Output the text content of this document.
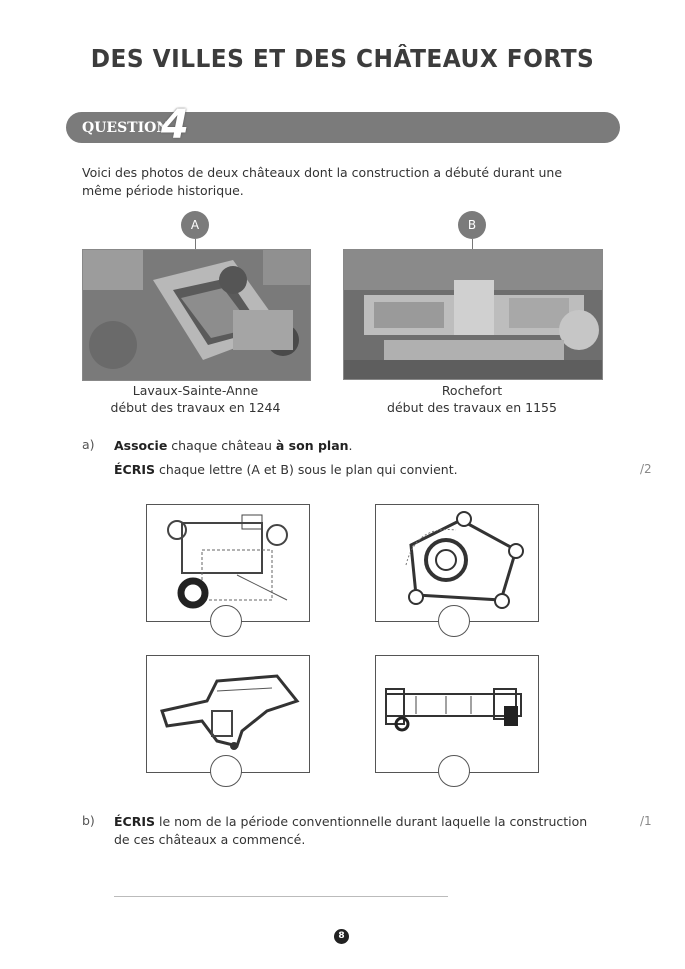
DES VILLES ET DES CHÂTEAUX FORTS
QUESTION
4
Voici des photos de deux châteaux dont la construction a débuté durant une même période historique.
A	B
Lavaux-Sainte-Anne
début des travaux en 1244
Rochefort
début des travaux en 1155
a) Associe chaque château à son plan.
ÉCRIS chaque lettre (A et B) sous le plan qui convient.	/2
b) ÉCRIS le nom de la période conventionnelle durant laquelle la construction de ces châteaux a commencé.
/1
8
